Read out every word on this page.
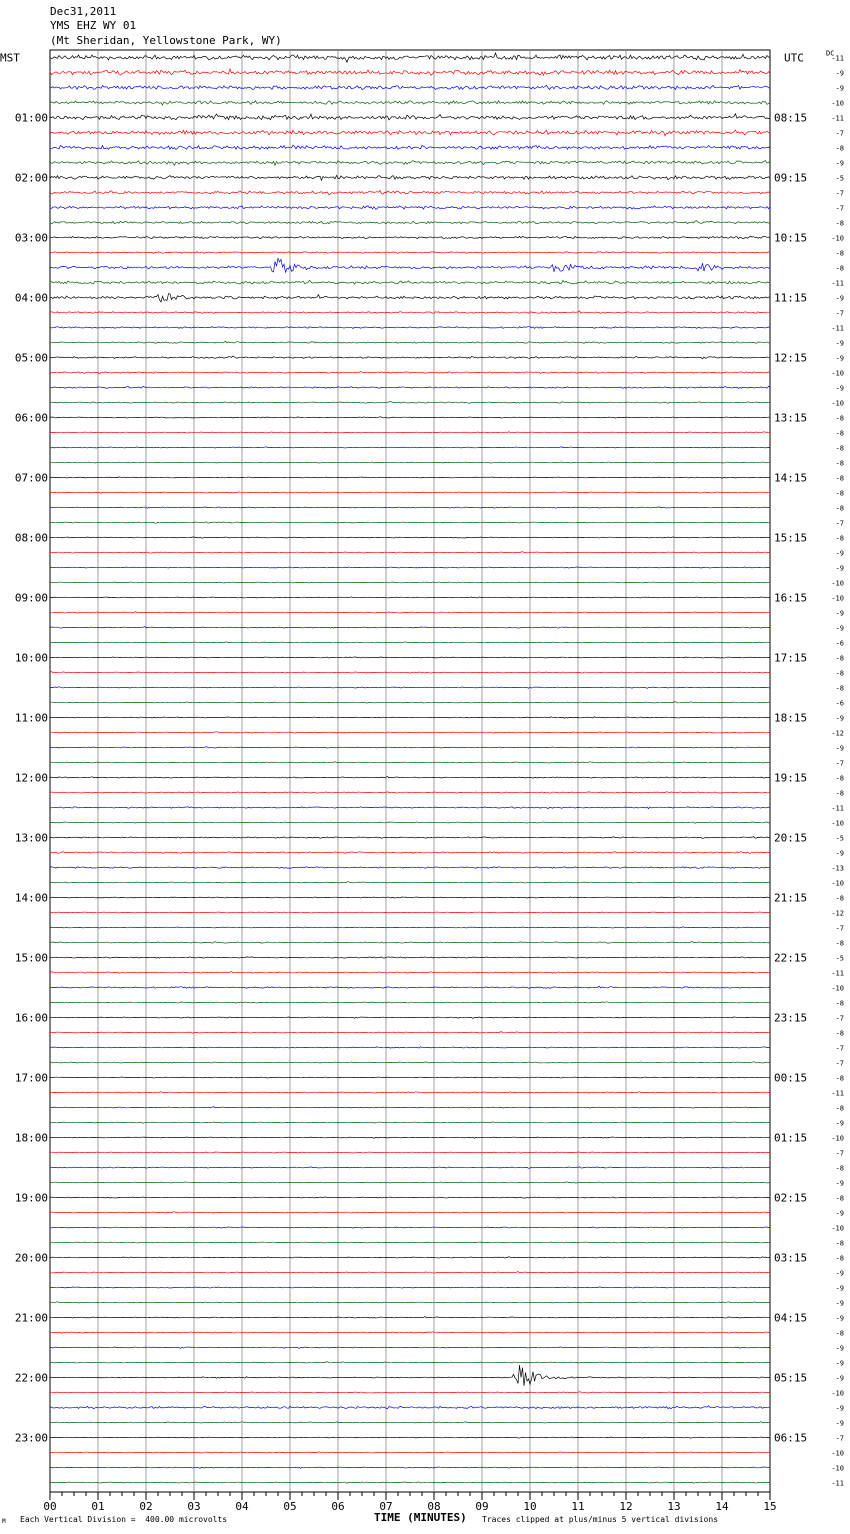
Dec31,2011
YMS EHZ WY 01
(Mt Sheridan, Yellowstone Park, WY)
-11
-9
-9
-10
-11
-7
-8
-9
-5
-7
-7
-8
-10
-8
-8
-11
-9
-7
-11
-9
-9
-10
-9
-10
-8
-8
-8
-8
-8
-8
-8
-7
-8
-9
-9
-10
-10
-9
-9
-6
-8
-8
-8
-6
-9
-12
-9
-7
-8
-8
-11
-10
-5
-9
-13
-10
-8
-12
-7
-8
-5
-11
-10
-8
-7
-8
-7
-7
-8
-11
-8
-9
-10
-7
-8
-9
-8
-9
-10
-8
-8
-9
-9
-9
-9
-8
-9
-9
-9
-10
-9
-9
-7
-10
-10
-11
01:00
02:00
03:00
04:00
05:00
06:00
07:00
08:00
09:00
10:00
11:00
12:00
13:00
14:00
15:00
16:00
17:00
18:00
19:00
20:00
21:00
22:00
23:00
08:15
09:15
10:15
11:15
12:15
13:15
14:15
15:15
16:15
17:15
18:15
19:15
20:15
21:15
22:15
23:15
00:15
01:15
02:15
03:15
04:15
05:15
06:15
MST	UTC	DC
00	01	02	03	04	05	06	07	08	09	10	11	12	13	14	15
TIME (MINUTES)
Each Vertical Division =  400.00 microvolts	Traces clipped at plus/minus 5 vertical divisions
M
